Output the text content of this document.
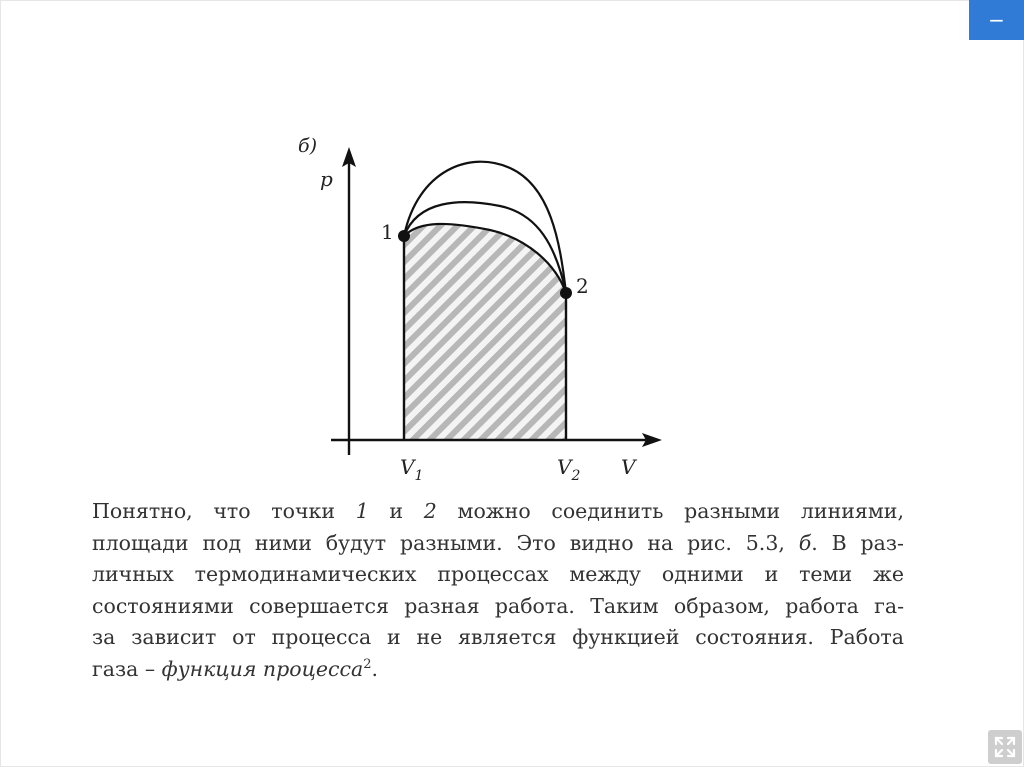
б)
p
1
2
$V_1$	$V_2$ V
Понятно, что точки 1 и 2 можно соединить разными линиями,
площади под ними будут разными. Это видно на рис. 5.3, б. В раз-
личных термодинамических процессах между одними и теми же
состояниями совершается разная работа. Таким образом, работа га-
за зависит от процесса и не является функцией состояния. Работа
газа – функция процесса$^2$.
−
